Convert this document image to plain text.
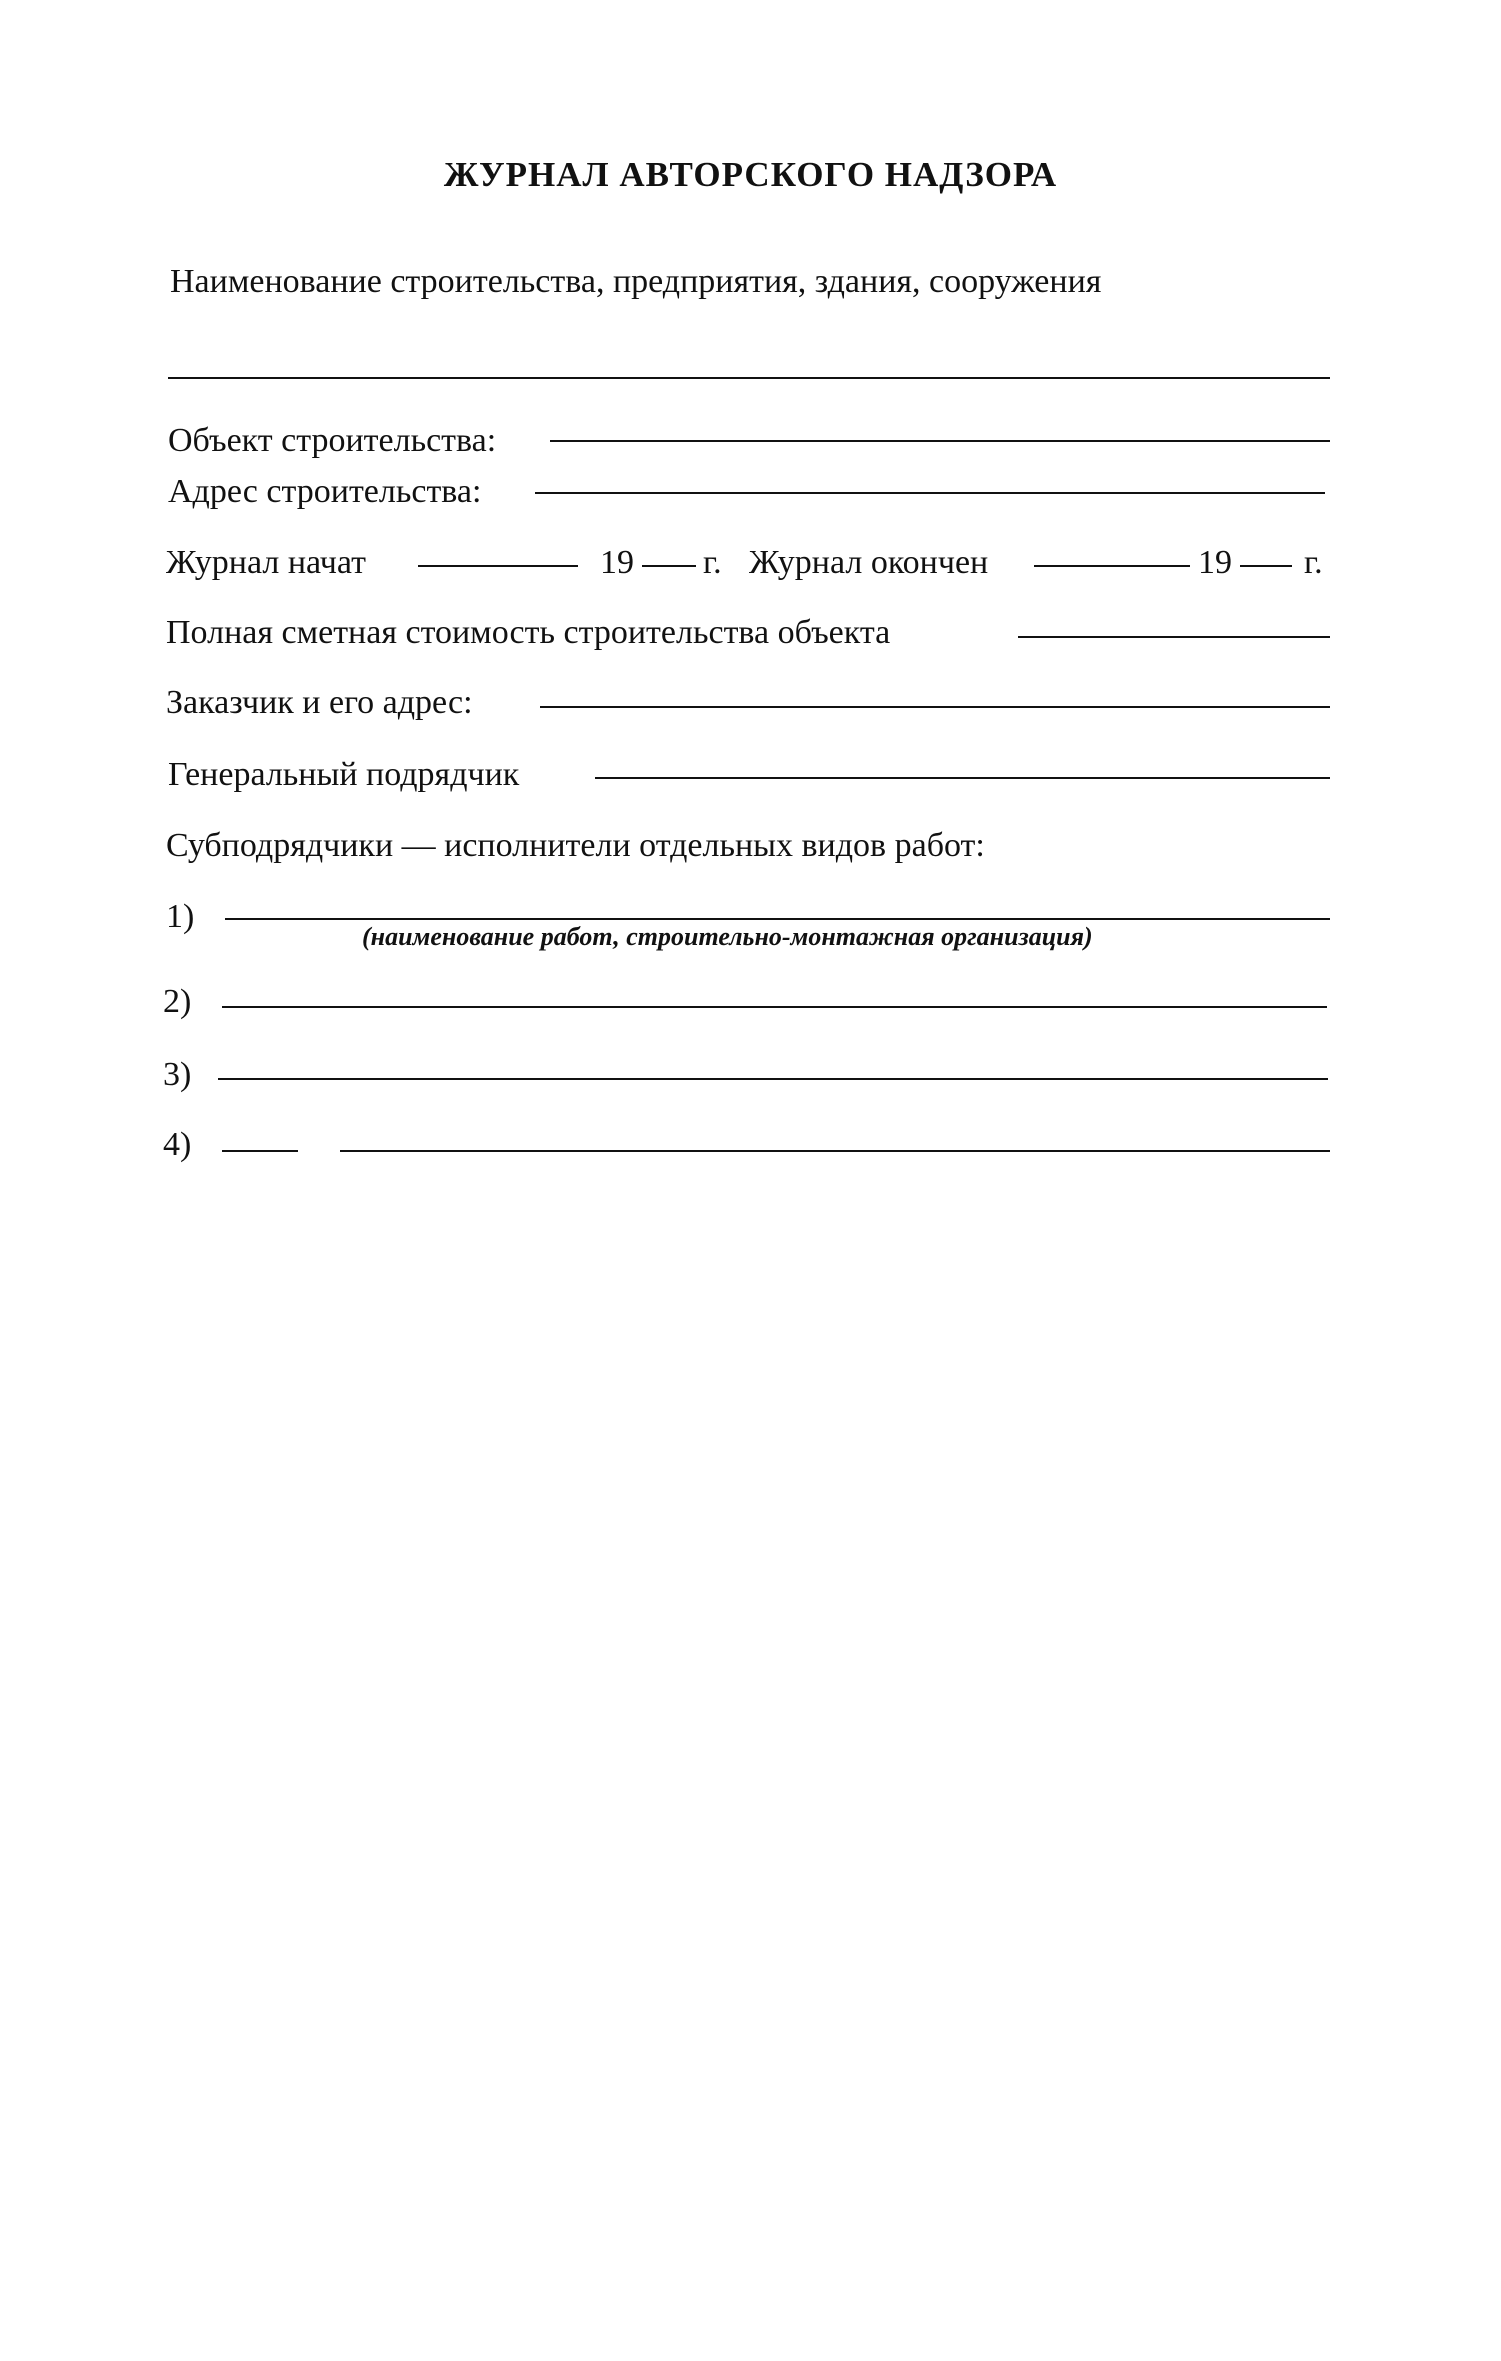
ЖУРНАЛ АВТОРСКОГО НАДЗОРА
Наименование строительства, предприятия, здания, сооружения
Объект строительства:
Адрес строительства:
Журнал начат	19 г. Журнал окончен	19 г.
Полная сметная стоимость строительства объекта
Заказчик и его адрес:
Генеральный подрядчик
Субподрядчики — исполнители отдельных видов работ:
1)
(наименование работ, строительно-монтажная организация)
2)
3)
4)
